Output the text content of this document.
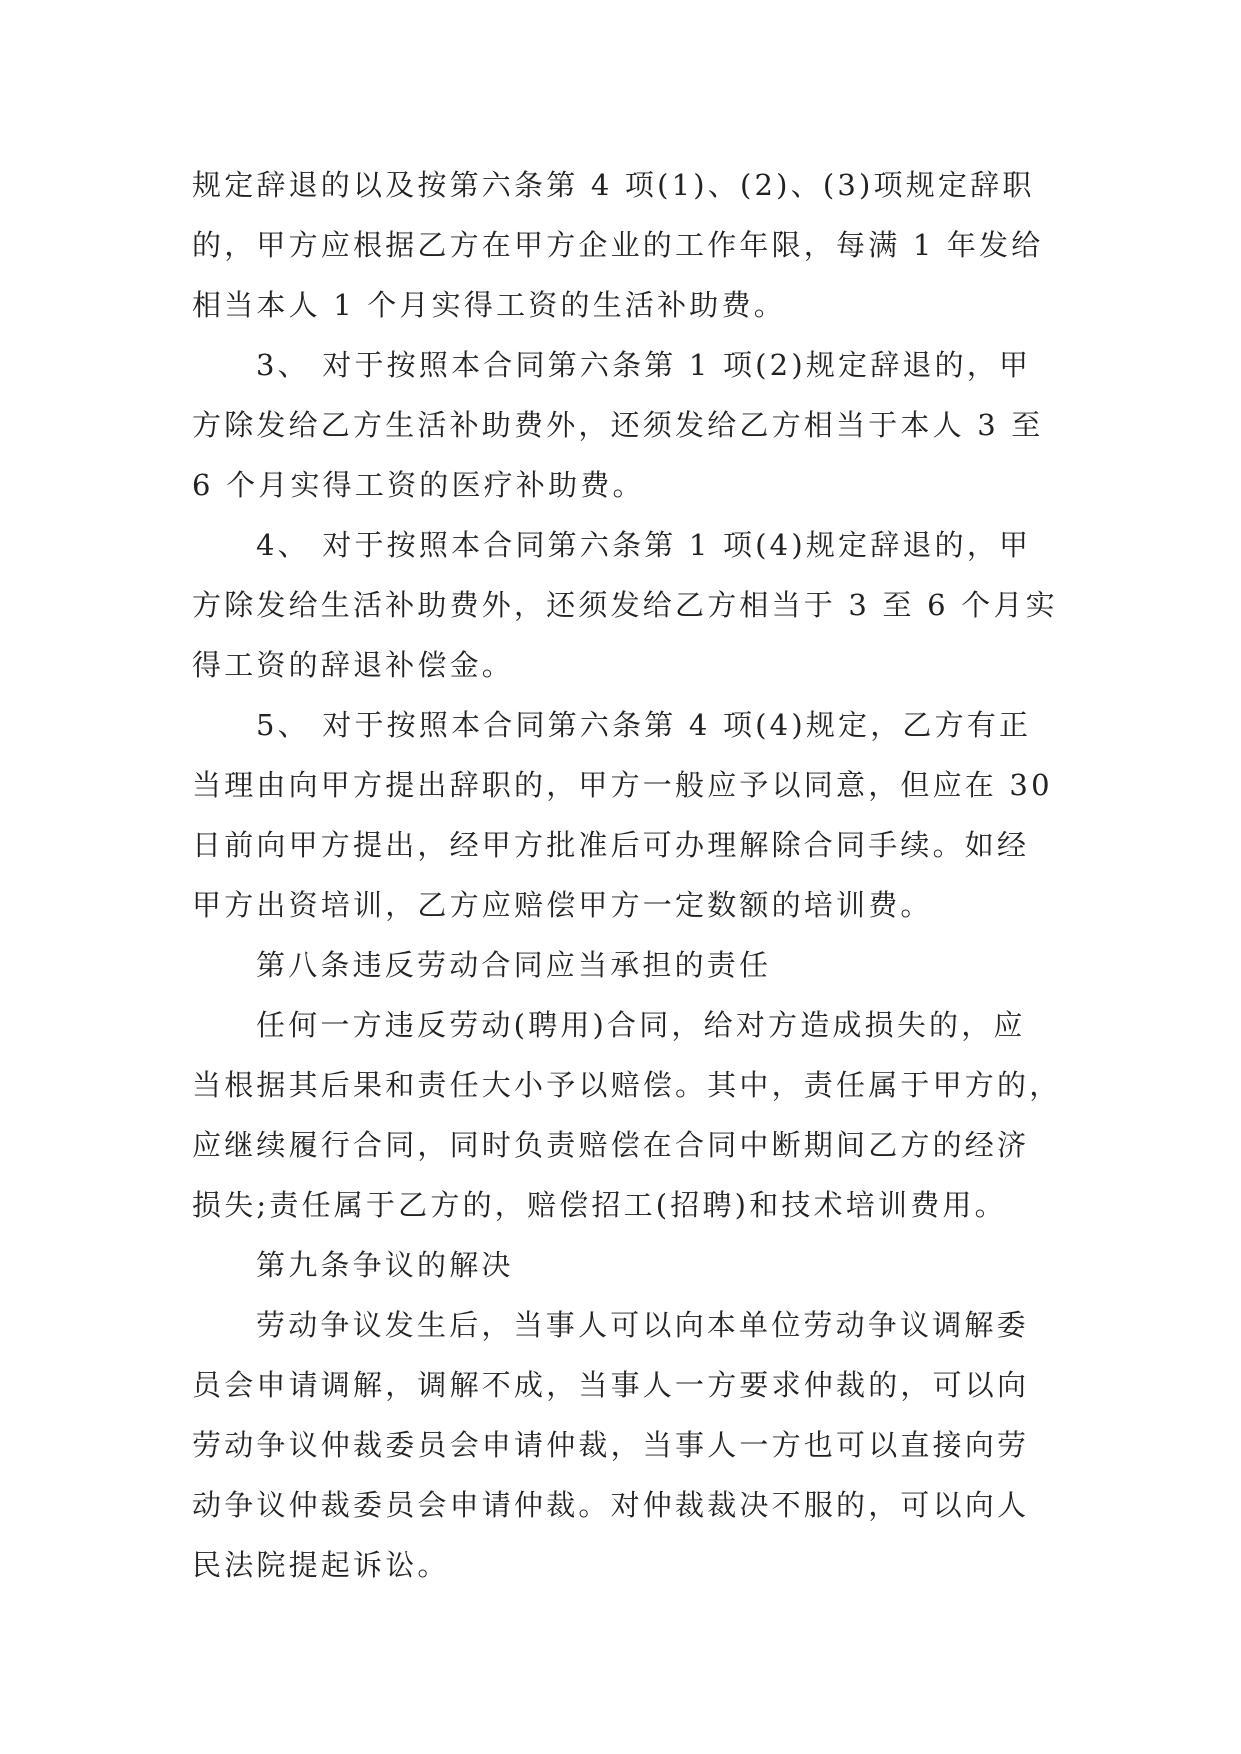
规定辞退的以及按第六条第 4 项(1)、(2)、(3)项规定辞职
的，甲方应根据乙方在甲方企业的工作年限，每满 1 年发给
相当本人 1 个月实得工资的生活补助费。
3、 对于按照本合同第六条第 1 项(2)规定辞退的，甲
方除发给乙方生活补助费外，还须发给乙方相当于本人 3 至
6 个月实得工资的医疗补助费。
4、 对于按照本合同第六条第 1 项(4)规定辞退的，甲
方除发给生活补助费外，还须发给乙方相当于 3 至 6 个月实
得工资的辞退补偿金。
5、 对于按照本合同第六条第 4 项(4)规定，乙方有正
当理由向甲方提出辞职的，甲方一般应予以同意，但应在 30
日前向甲方提出，经甲方批准后可办理解除合同手续。如经
甲方出资培训，乙方应赔偿甲方一定数额的培训费。
第八条违反劳动合同应当承担的责任
任何一方违反劳动(聘用)合同，给对方造成损失的，应
当根据其后果和责任大小予以赔偿。其中，责任属于甲方的，
应继续履行合同，同时负责赔偿在合同中断期间乙方的经济
损失;责任属于乙方的，赔偿招工(招聘)和技术培训费用。
第九条争议的解决
劳动争议发生后，当事人可以向本单位劳动争议调解委
员会申请调解，调解不成，当事人一方要求仲裁的，可以向
劳动争议仲裁委员会申请仲裁，当事人一方也可以直接向劳
动争议仲裁委员会申请仲裁。对仲裁裁决不服的，可以向人
民法院提起诉讼。
